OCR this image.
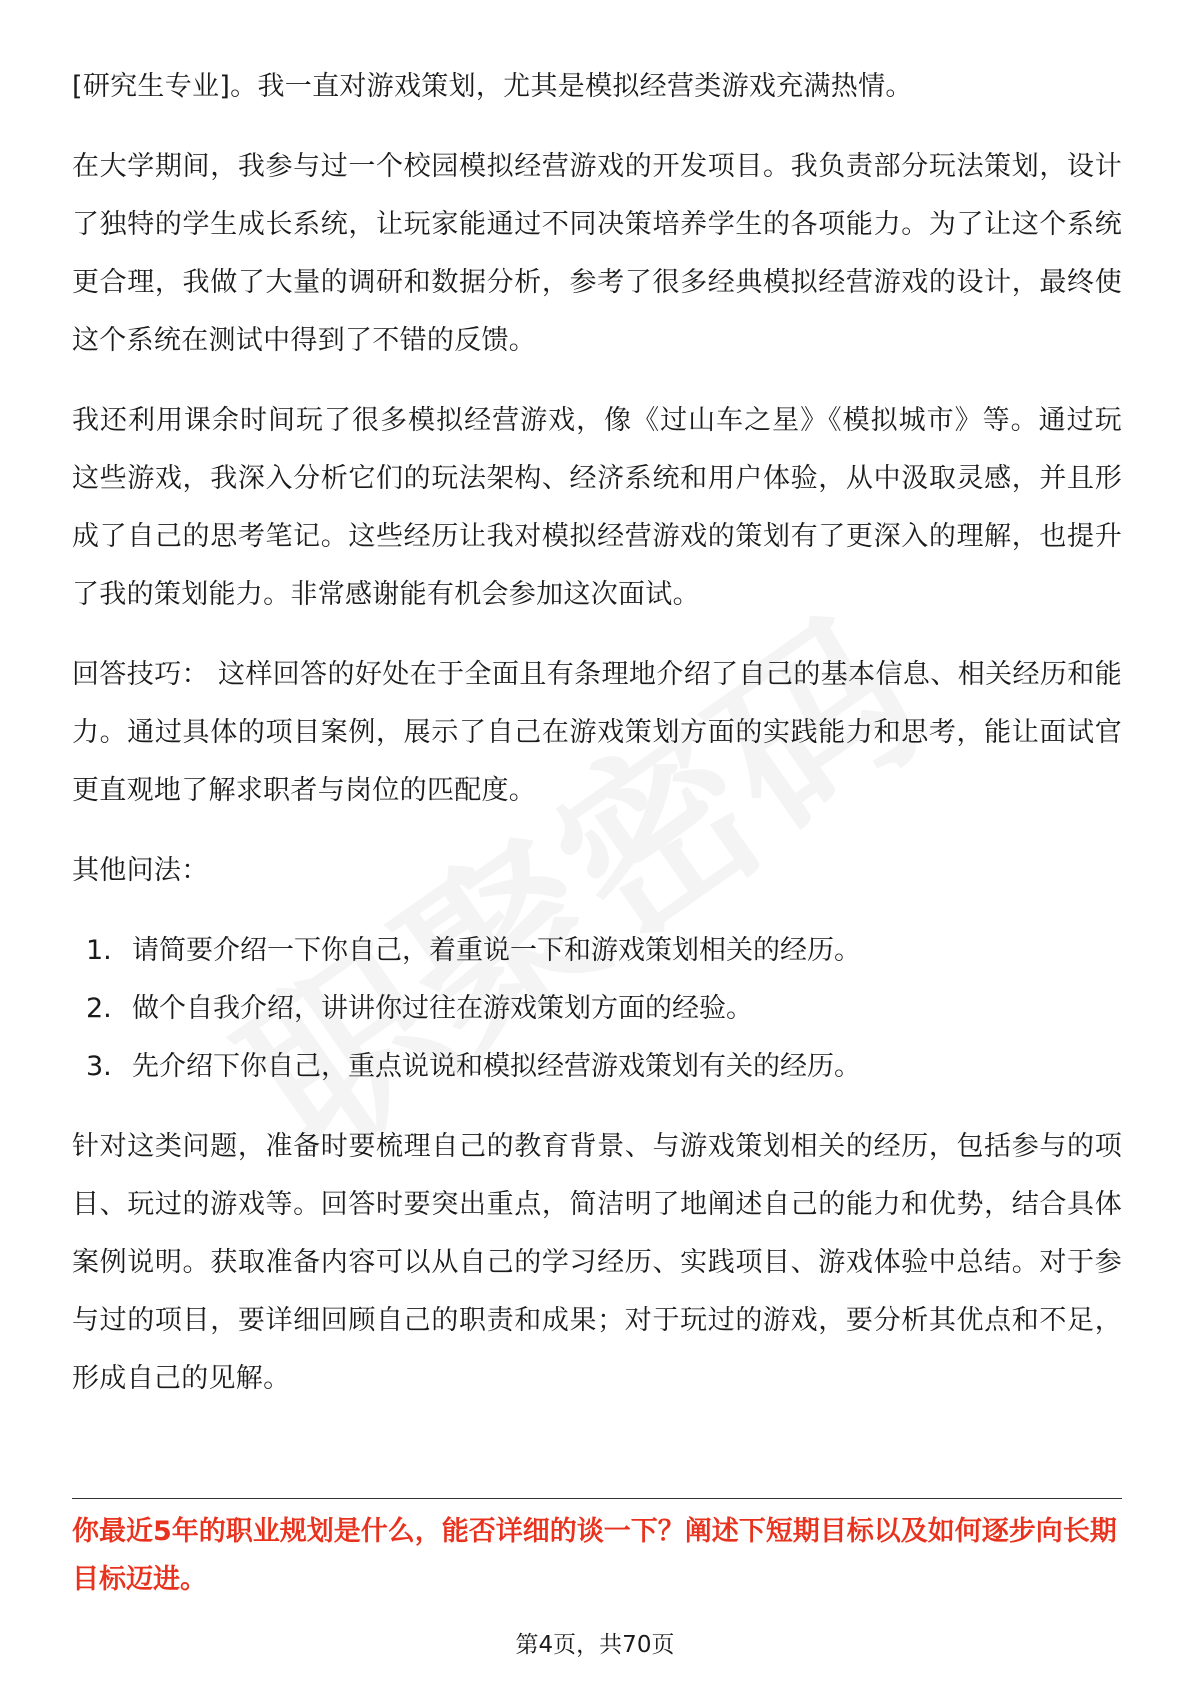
[研究生专业]。我一直对游戏策划，尤其是模拟经营类游戏充满热情。

在大学期间，我参与过一个校园模拟经营游戏的开发项目。我负责部分玩法策划，设计了独特的学生成长系统，让玩家能通过不同决策培养学生的各项能力。为了让这个系统更合理，我做了大量的调研和数据分析，参考了很多经典模拟经营游戏的设计，最终使这个系统在测试中得到了不错的反馈。

我还利用课余时间玩了很多模拟经营游戏，像《过山车之星》《模拟城市》等。通过玩这些游戏，我深入分析它们的玩法架构、经济系统和用户体验，从中汲取灵感，并且形成了自己的思考笔记。这些经历让我对模拟经营游戏的策划有了更深入的理解，也提升了我的策划能力。非常感谢能有机会参加这次面试。

回答技巧： 这样回答的好处在于全面且有条理地介绍了自己的基本信息、相关经历和能力。通过具体的项目案例，展示了自己在游戏策划方面的实践能力和思考，能让面试官更直观地了解求职者与岗位的匹配度。

其他问法：

1. 请简要介绍一下你自己，着重说一下和游戏策划相关的经历。
2. 做个自我介绍，讲讲你过往在游戏策划方面的经验。
3. 先介绍下你自己，重点说说和模拟经营游戏策划有关的经历。

针对这类问题，准备时要梳理自己的教育背景、与游戏策划相关的经历，包括参与的项目、玩过的游戏等。回答时要突出重点，简洁明了地阐述自己的能力和优势，结合具体案例说明。获取准备内容可以从自己的学习经历、实践项目、游戏体验中总结。对于参与过的项目，要详细回顾自己的职责和成果；对于玩过的游戏，要分析其优点和不足，形成自己的见解。

你最近5年的职业规划是什么，能否详细的谈一下？阐述下短期目标以及如何逐步向长期目标迈进。

第4页，共70页
